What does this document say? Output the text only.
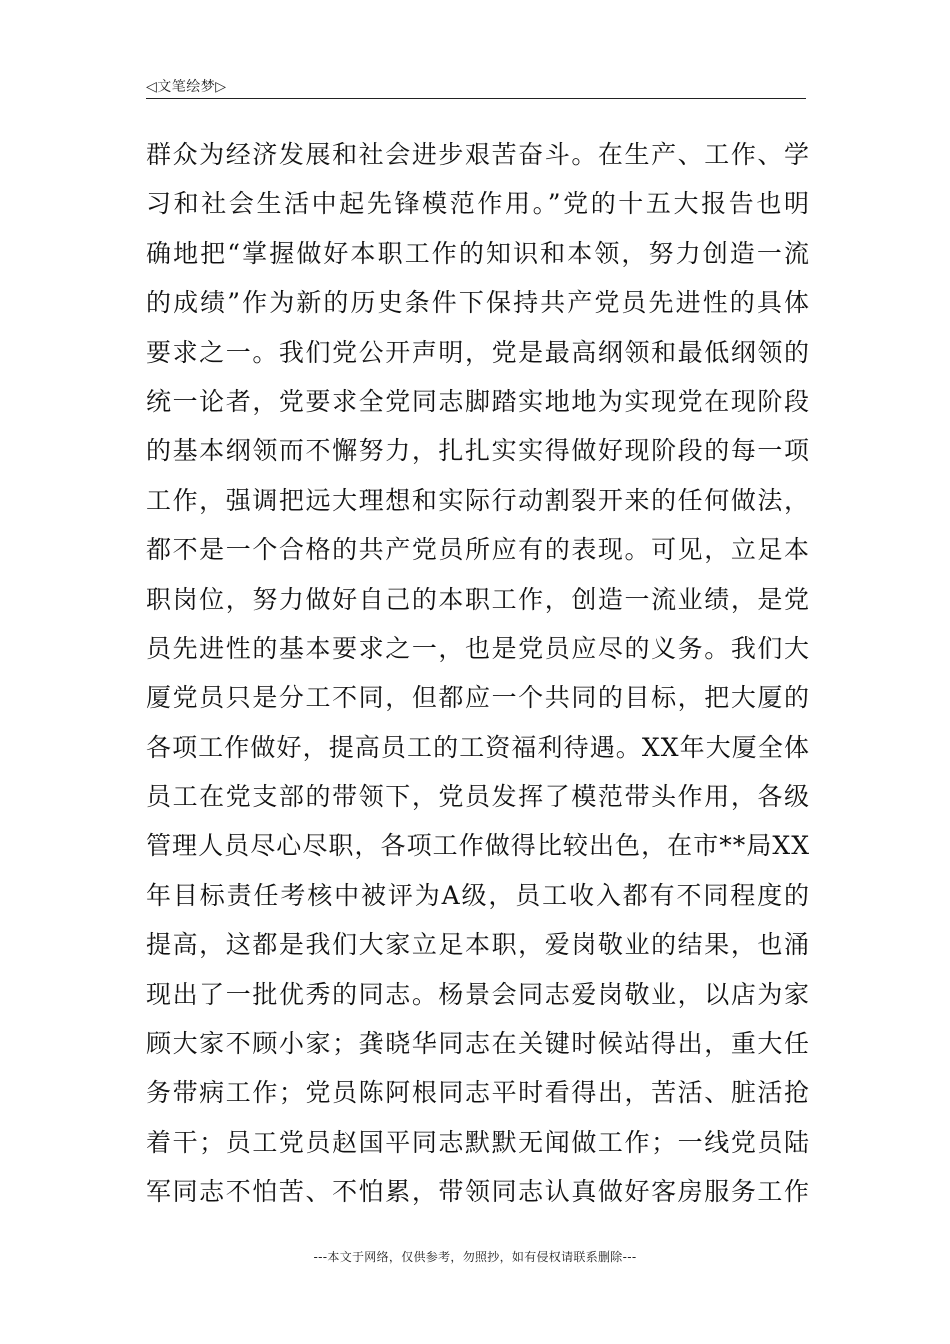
◁文笔绘梦▷
群众为经济发展和社会进步艰苦奋斗。在生产、工作、学
习和社会生活中起先锋模范作用。”党的十五大报告也明
确地把“掌握做好本职工作的知识和本领，努力创造一流
的成绩”作为新的历史条件下保持共产党员先进性的具体
要求之一。我们党公开声明，党是最高纲领和最低纲领的
统一论者，党要求全党同志脚踏实地地为实现党在现阶段
的基本纲领而不懈努力，扎扎实实得做好现阶段的每一项
工作，强调把远大理想和实际行动割裂开来的任何做法，
都不是一个合格的共产党员所应有的表现。可见，立足本
职岗位，努力做好自己的本职工作，创造一流业绩，是党
员先进性的基本要求之一，也是党员应尽的义务。我们大
厦党员只是分工不同，但都应一个共同的目标，把大厦的
各项工作做好，提高员工的工资福利待遇。XX年大厦全体
员工在党支部的带领下，党员发挥了模范带头作用，各级
管理人员尽心尽职，各项工作做得比较出色，在市**局XX
年目标责任考核中被评为A级，员工收入都有不同程度的
提高，这都是我们大家立足本职，爱岗敬业的结果，也涌
现出了一批优秀的同志。杨景会同志爱岗敬业，以店为家
顾大家不顾小家；龚晓华同志在关键时候站得出，重大任
务带病工作；党员陈阿根同志平时看得出，苦活、脏活抢
着干；员工党员赵国平同志默默无闻做工作；一线党员陆
军同志不怕苦、不怕累，带领同志认真做好客房服务工作
---本文于网络，仅供参考，勿照抄，如有侵权请联系删除---
